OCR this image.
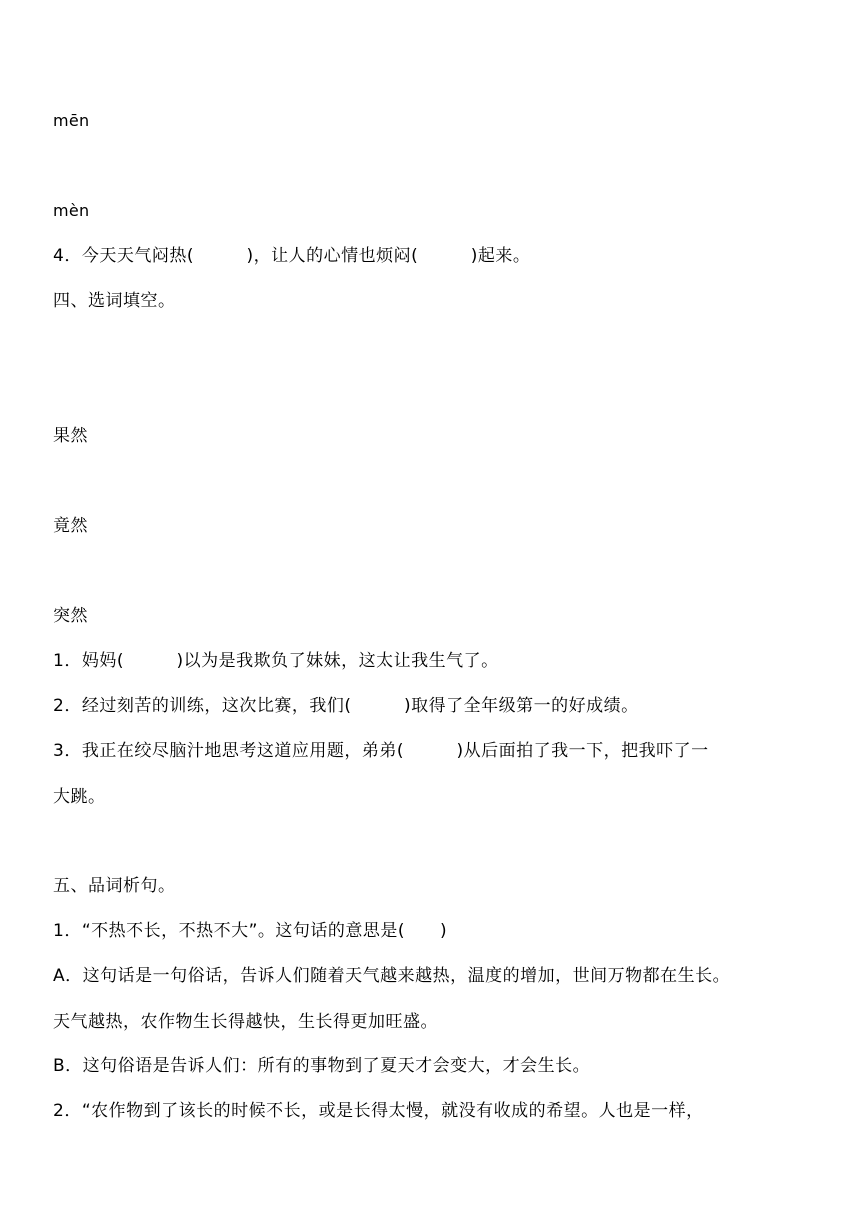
mēn
mèn
4．今天天气闷热(　　　)，让人的心情也烦闷(　　　)起来。
四、选词填空。
果然
竟然
突然
1．妈妈(　　　)以为是我欺负了妹妹，这太让我生气了。
2．经过刻苦的训练，这次比赛，我们(　　　)取得了全年级第一的好成绩。
3．我正在绞尽脑汁地思考这道应用题，弟弟(　　　)从后面拍了我一下，把我吓了一
大跳。
五、品词析句。
1．“不热不长，不热不大”。这句话的意思是(　　)
A．这句话是一句俗话，告诉人们随着天气越来越热，温度的增加，世间万物都在生长。
天气越热，农作物生长得越快，生长得更加旺盛。
B．这句俗语是告诉人们：所有的事物到了夏天才会变大，才会生长。
2．“农作物到了该长的时候不长，或是长得太慢，就没有收成的希望。人也是一样，
